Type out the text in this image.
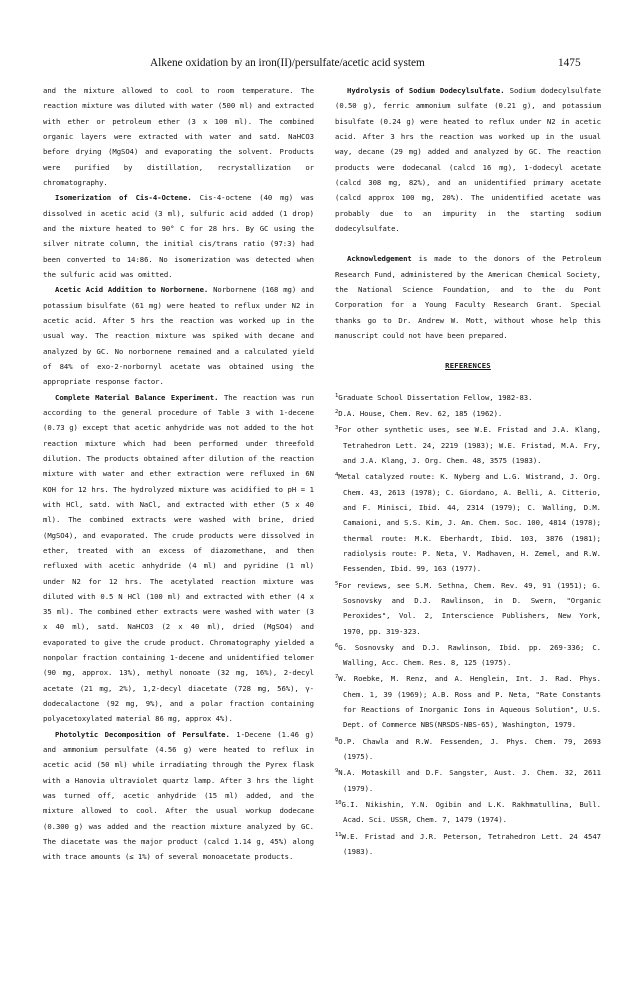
Alkene oxidation by an iron(II)/persulfate/acetic acid system	1475

and the mixture allowed to cool to room temperature. The reaction mixture was diluted with water (500 ml) and extracted with ether or petroleum ether (3 x 100 ml). The combined organic layers were extracted with water and satd. NaHCO3 before drying (MgSO4) and evaporating the solvent. Products were purified by distillation, recrystallization or chromatography.

Isomerization of Cis-4-Octene. Cis-4-octene (40 mg) was dissolved in acetic acid (3 ml), sulfuric acid added (1 drop) and the mixture heated to 90° C for 28 hrs. By GC using the silver nitrate column, the initial cis/trans ratio (97:3) had been converted to 14:86. No isomerization was detected when the sulfuric acid was omitted.

Acetic Acid Addition to Norbornene. Norbornene (168 mg) and potassium bisulfate (61 mg) were heated to reflux under N2 in acetic acid. After 5 hrs the reaction was worked up in the usual way. The reaction mixture was spiked with decane and analyzed by GC. No norbornene remained and a calculated yield of 84% of exo-2-norbornyl acetate was obtained using the appropriate response factor.

Complete Material Balance Experiment. The reaction was run according to the general procedure of Table 3 with 1-decene (0.73 g) except that acetic anhydride was not added to the hot reaction mixture which had been performed under threefold dilution. The products obtained after dilution of the reaction mixture with water and ether extraction were refluxed in 6N KOH for 12 hrs. The hydrolyzed mixture was acidified to pH = 1 with HCl, satd. with NaCl, and extracted with ether (5 x 40 ml). The combined extracts were washed with brine, dried (MgSO4), and evaporated. The crude products were dissolved in ether, treated with an excess of diazomethane, and then refluxed with acetic anhydride (4 ml) and pyridine (1 ml) under N2 for 12 hrs. The acetylated reaction mixture was diluted with 0.5 N HCl (100 ml) and extracted with ether (4 x 35 ml). The combined ether extracts were washed with water (3 x 40 ml), satd. NaHCO3 (2 x 40 ml), dried (MgSO4) and evaporated to give the crude product. Chromatography yielded a nonpolar fraction containing 1-decene and unidentified telomer (90 mg, approx. 13%), methyl nonoate (32 mg, 16%), 2-decyl acetate (21 mg, 2%), 1,2-decyl diacetate (728 mg, 56%), γ-dodecalactone (92 mg, 9%), and a polar fraction containing polyacetoxylated material 86 mg, approx 4%).

Photolytic Decomposition of Persulfate. 1-Decene (1.46 g) and ammonium persulfate (4.56 g) were heated to reflux in acetic acid (50 ml) while irradiating through the Pyrex flask with a Hanovia ultraviolet quartz lamp. After 3 hrs the light was turned off, acetic anhydride (15 ml) added, and the mixture allowed to cool. After the usual workup dodecane (0.300 g) was added and the reaction mixture analyzed by GC. The diacetate was the major product (calcd 1.14 g, 45%) along with trace amounts (≤ 1%) of several monoacetate products.

Hydrolysis of Sodium Dodecylsulfate. Sodium dodecylsulfate (0.50 g), ferric ammonium sulfate (0.21 g), and potassium bisulfate (0.24 g) were heated to reflux under N2 in acetic acid. After 3 hrs the reaction was worked up in the usual way, decane (29 mg) added and analyzed by GC. The reaction products were dodecanal (calcd 16 mg), 1-dodecyl acetate (calcd 308 mg, 82%), and an unidentified primary acetate (calcd approx 100 mg, 20%). The unidentified acetate was probably due to an impurity in the starting sodium dodecylsulfate.

Acknowledgement is made to the donors of the Petroleum Research Fund, administered by the American Chemical Society, the National Science Foundation, and to the du Pont Corporation for a Young Faculty Research Grant. Special thanks go to Dr. Andrew W. Mott, without whose help this manuscript could not have been prepared.

REFERENCES

$^1$Graduate School Dissertation Fellow, 1982-83.

$^2$D.A. House, Chem. Rev. 62, 185 (1962).

$^3$For other synthetic uses, see W.E. Fristad and J.A. Klang, Tetrahedron Lett. 24, 2219 (1983); W.E. Fristad, M.A. Fry, and J.A. Klang, J. Org. Chem. 48, 3575 (1983).

$^4$Metal catalyzed route: K. Nyberg and L.G. Wistrand, J. Org. Chem. 43, 2613 (1978); C. Giordano, A. Belli, A. Citterio, and F. Minisci, Ibid. 44, 2314 (1979); C. Walling, D.M. Camaioni, and S.S. Kim, J. Am. Chem. Soc. 100, 4814 (1978); thermal route: M.K. Eberhardt, Ibid. 103, 3876 (1981); radiolysis route: P. Neta, V. Madhaven, H. Zemel, and R.W. Fessenden, Ibid. 99, 163 (1977).

$^5$For reviews, see S.M. Sethna, Chem. Rev. 49, 91 (1951); G. Sosnovsky and D.J. Rawlinson, in D. Swern, "Organic Peroxides", Vol. 2, Interscience Publishers, New York, 1970, pp. 319-323.

$^6$G. Sosnovsky and D.J. Rawlinson, Ibid. pp. 269-336; C. Walling, Acc. Chem. Res. 8, 125 (1975).

$^7$W. Roebke, M. Renz, and A. Henglein, Int. J. Rad. Phys. Chem. 1, 39 (1969); A.B. Ross and P. Neta, "Rate Constants for Reactions of Inorganic Ions in Aqueous Solution", U.S. Dept. of Commerce NBS(NRSDS-NBS-65), Washington, 1979.

$^8$O.P. Chawla and R.W. Fessenden, J. Phys. Chem. 79, 2693 (1975).

$^9$N.A. Motaskill and D.F. Sangster, Aust. J. Chem. 32, 2611 (1979).

$^{10}$G.I. Nikishin, Y.N. Ogibin and L.K. Rakhmatullina, Bull. Acad. Sci. USSR, Chem. 7, 1479 (1974).

$^{11}$W.E. Fristad and J.R. Peterson, Tetrahedron Lett. 24 4547 (1983).
